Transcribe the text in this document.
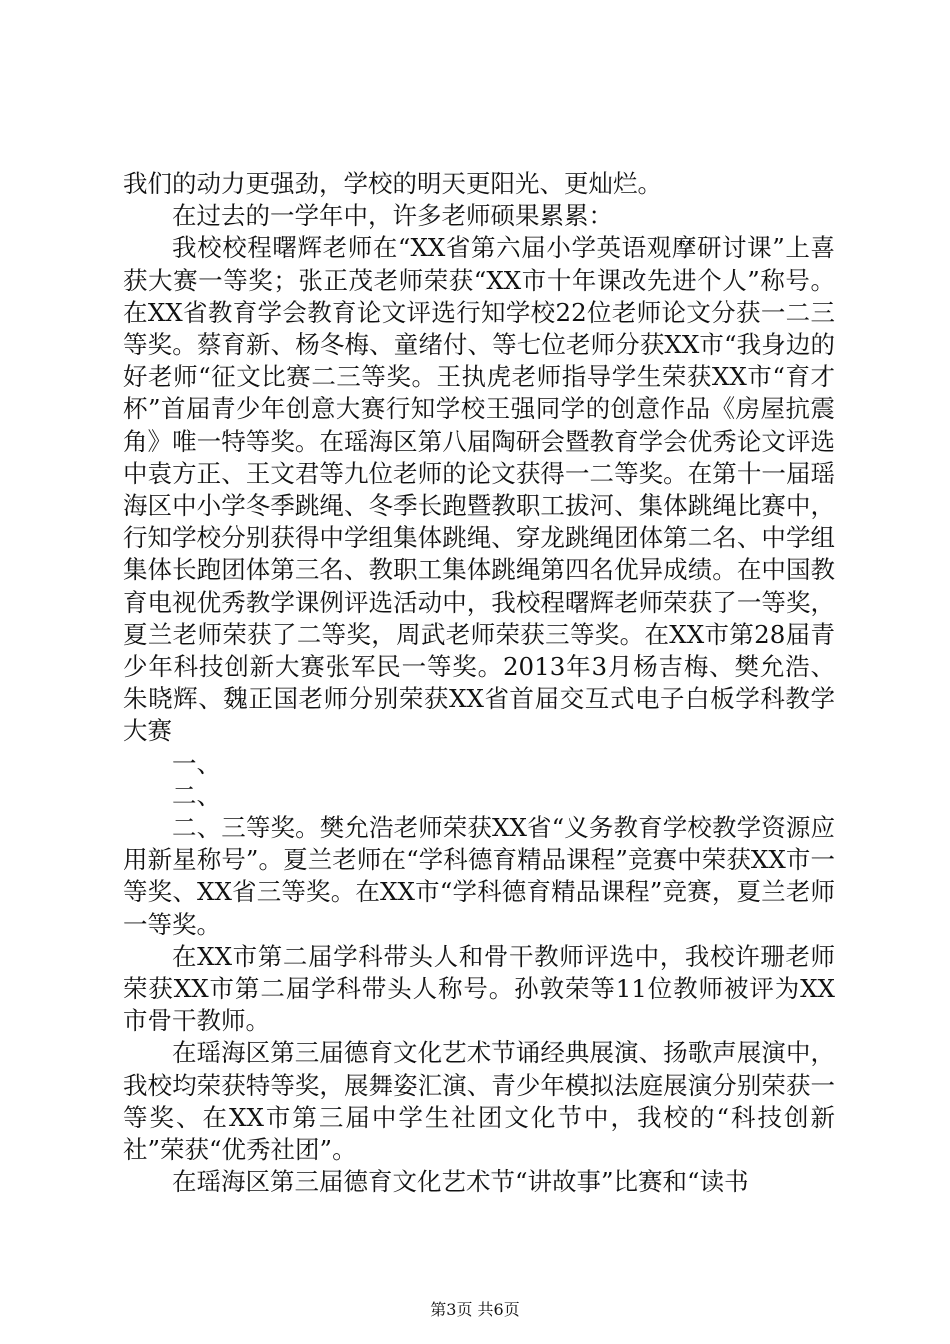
我们的动力更强劲，学校的明天更阳光、更灿烂。

在过去的一学年中，许多老师硕果累累：

我校校程曙辉老师在“XX省第六届小学英语观摩研讨课”上喜获大赛一等奖；张正茂老师荣获“XX市十年课改先进个人”称号。在XX省教育学会教育论文评选行知学校22位老师论文分获一二三等奖。蔡育新、杨冬梅、童绪付、等七位老师分获XX市“我身边的好老师“征文比赛二三等奖。王执虎老师指导学生荣获XX市“育才杯”首届青少年创意大赛行知学校王强同学的创意作品《房屋抗震角》唯一特等奖。在瑶海区第八届陶研会暨教育学会优秀论文评选中袁方正、王文君等九位老师的论文获得一二等奖。在第十一届瑶海区中小学冬季跳绳、冬季长跑暨教职工拔河、集体跳绳比赛中，行知学校分别获得中学组集体跳绳、穿龙跳绳团体第二名、中学组集体长跑团体第三名、教职工集体跳绳第四名优异成绩。在中国教育电视优秀教学课例评选活动中，我校程曙辉老师荣获了一等奖，夏兰老师荣获了二等奖，周武老师荣获三等奖。在XX市第28届青少年科技创新大赛张军民一等奖。2013年3月杨吉梅、樊允浩、朱晓辉、魏正国老师分别荣获XX省首届交互式电子白板学科教学大赛

一、

二、

二、三等奖。樊允浩老师荣获XX省“义务教育学校教学资源应用新星称号”。夏兰老师在“学科德育精品课程”竞赛中荣获XX市一等奖、XX省三等奖。在XX市“学科德育精品课程”竞赛，夏兰老师一等奖。

在XX市第二届学科带头人和骨干教师评选中，我校许珊老师荣获XX市第二届学科带头人称号。孙敦荣等11位教师被评为XX市骨干教师。

在瑶海区第三届德育文化艺术节诵经典展演、扬歌声展演中，我校均荣获特等奖，展舞姿汇演、青少年模拟法庭展演分别荣获一等奖、在XX市第三届中学生社团文化节中，我校的“科技创新社”荣获“优秀社团”。

在瑶海区第三届德育文化艺术节“讲故事”比赛和“读书

第3页 共6页
